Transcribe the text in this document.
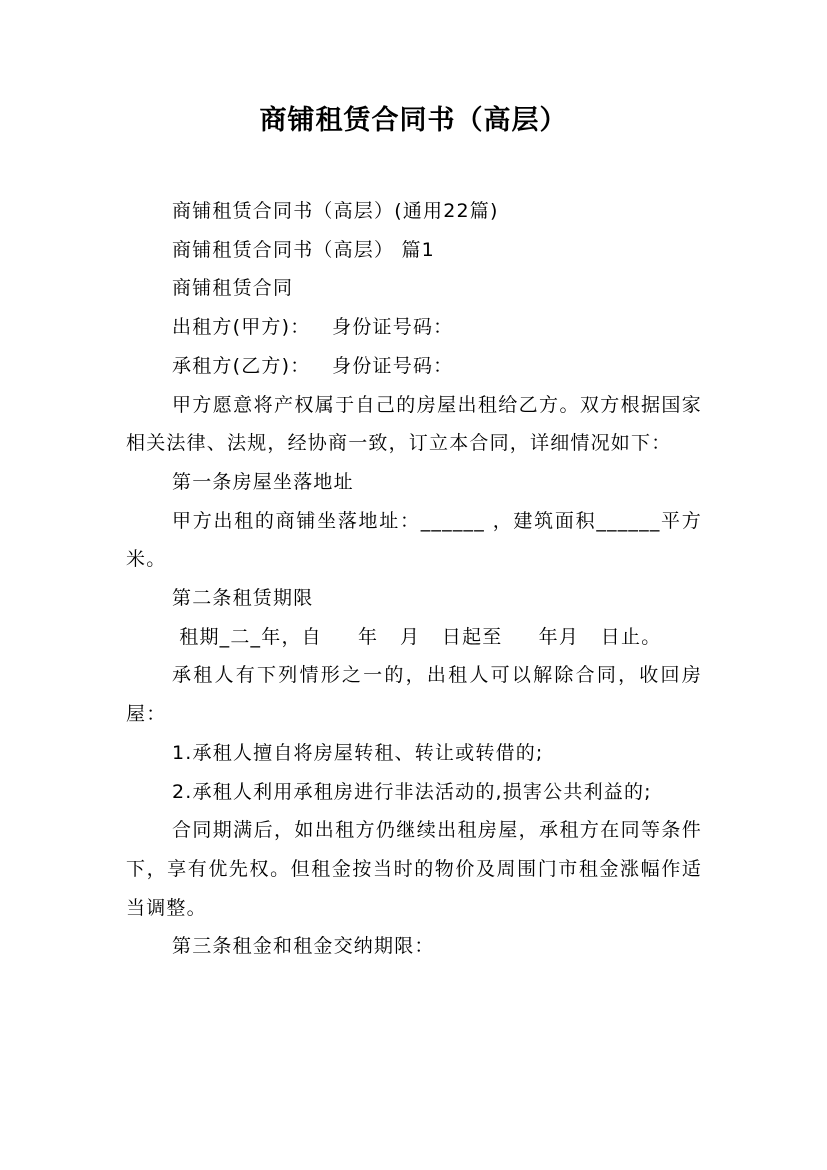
商铺租赁合同书（高层）

商铺租赁合同书（高层）(通用22篇)

商铺租赁合同书（高层） 篇1

商铺租赁合同

出租方(甲方)：   身份证号码：

承租方(乙方)：   身份证号码：

甲方愿意将产权属于自己的房屋出租给乙方。双方根据国家相关法律、法规，经协商一致，订立本合同，详细情况如下：

第一条房屋坐落地址

甲方出租的商铺坐落地址：______ ，建筑面积______平方米。

第二条租赁期限

租期_二_年，自     年   月   日起至     年月   日止。

承租人有下列情形之一的，出租人可以解除合同，收回房屋：

1.承租人擅自将房屋转租、转让或转借的;

2.承租人利用承租房进行非法活动的,损害公共利益的;

合同期满后，如出租方仍继续出租房屋，承租方在同等条件下，享有优先权。但租金按当时的物价及周围门市租金涨幅作适当调整。

第三条租金和租金交纳期限：
